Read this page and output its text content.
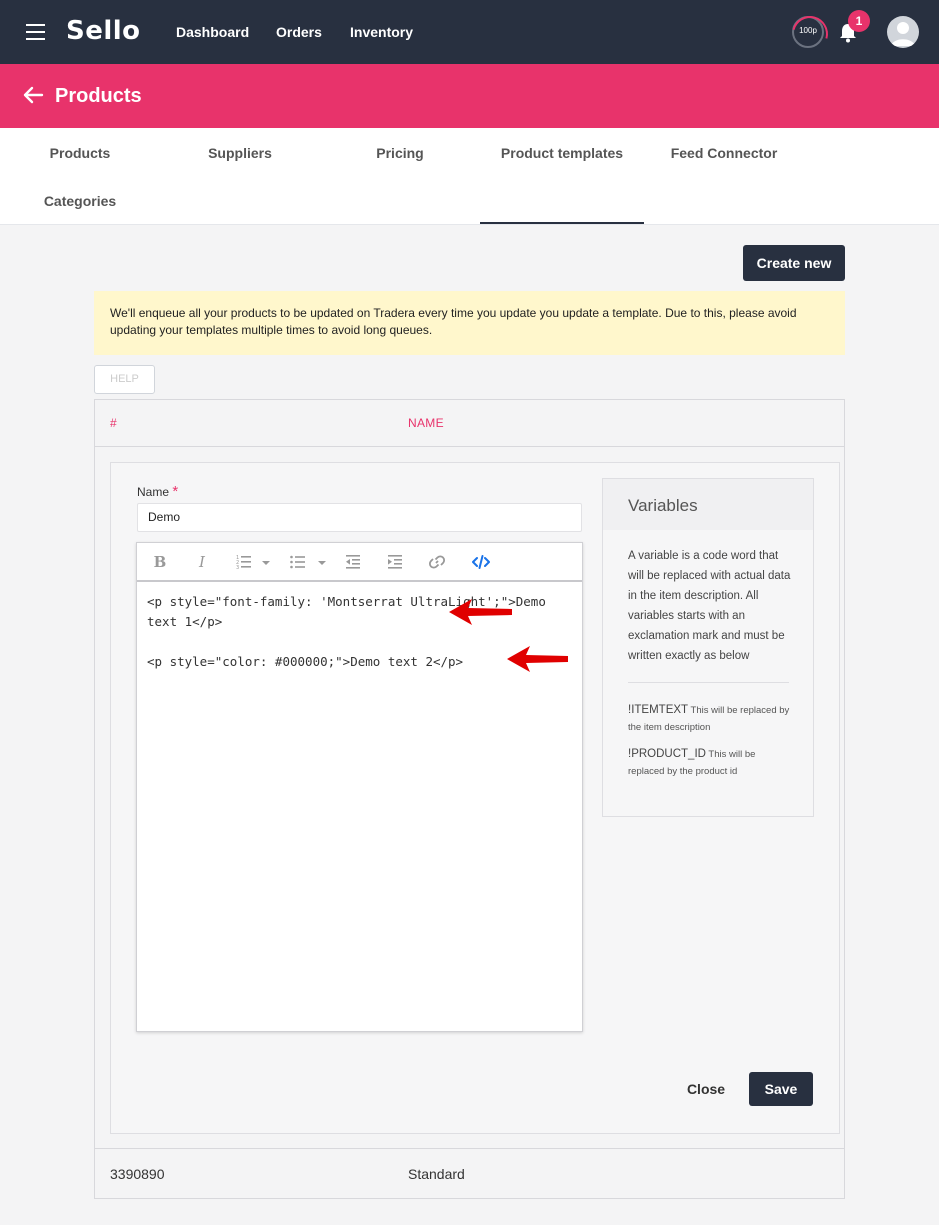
Sello	Dashboard Orders Inventory	100p
1
Products
Products	Suppliers	Pricing	Product templates	Feed Connector
Categories
Create new
We'll enqueue all your products to be updated on Tradera every time you update you update a template. Due to this, please avoid updating your templates multiple times to avoid long queues.
HELP
#	NAME
Name *
Demo
B	I	1
2
3

<p style="font-family: 'Montserrat UltraLight';">Demo text 1</p>

<p style="color: #000000;">Demo text 2</p>

Variables
A variable is a code word that will be replaced with actual data in the item description. All variables starts with an exclamation mark and must be written exactly as below
!ITEMTEXT This will be replaced by the item description
!PRODUCT_ID This will be replaced by the product id
Close	Save
3390890	Standard
